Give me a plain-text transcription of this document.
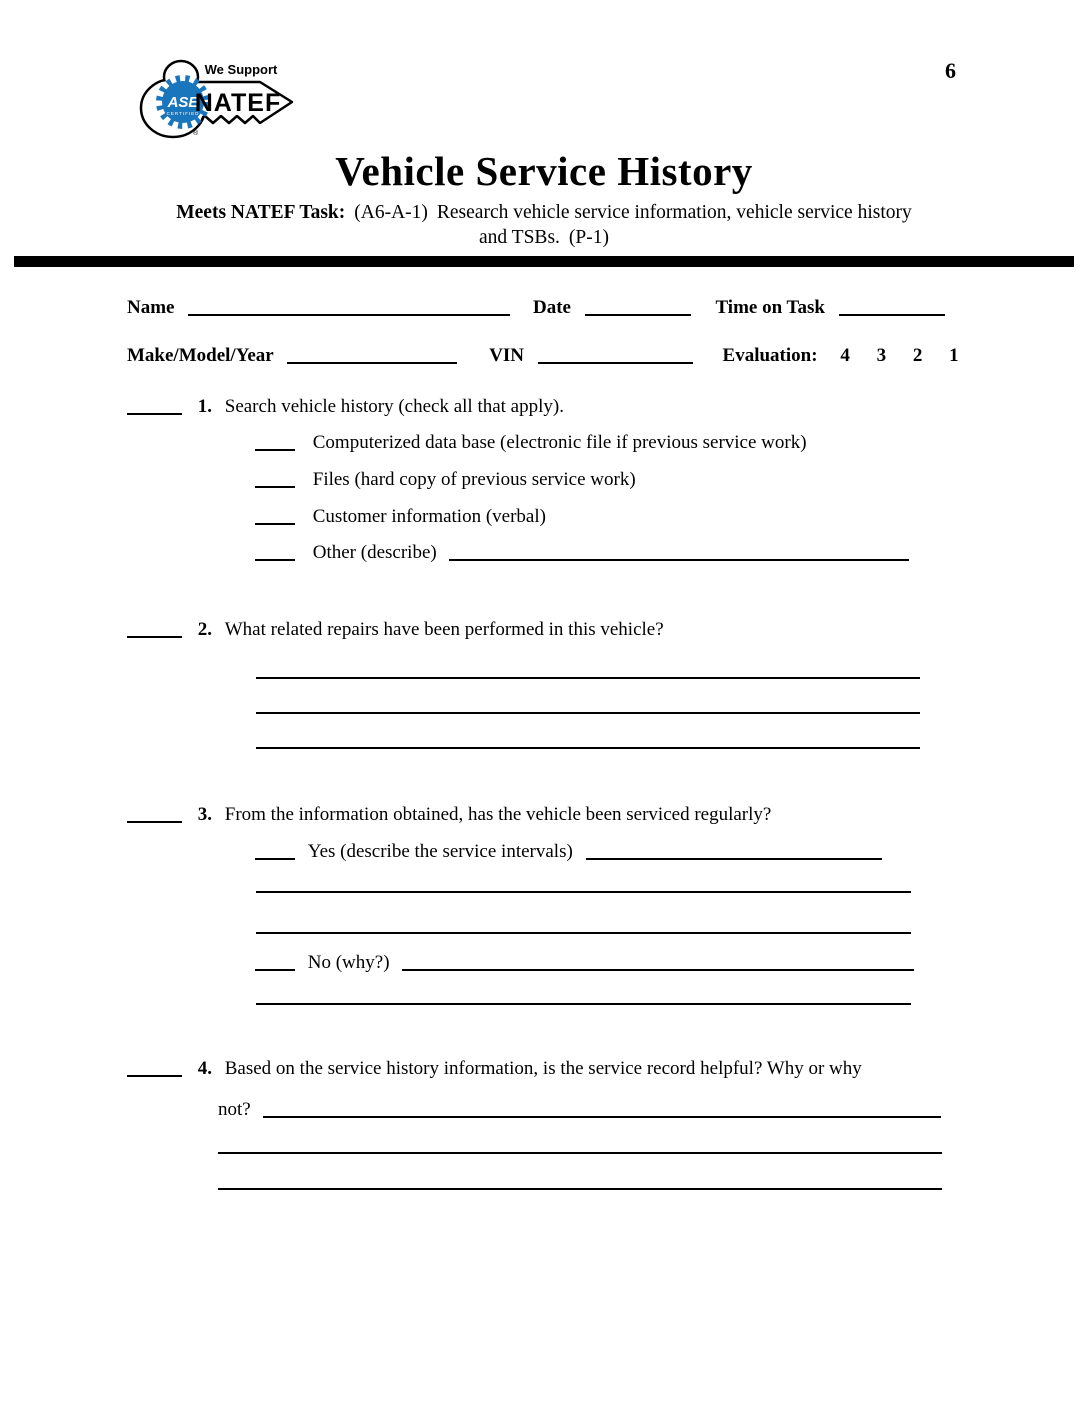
ASE
CERTIFIED
We Support
NATEF
®
6
Vehicle Service History
Meets NATEF Task: (A6-A-1) Research vehicle service information, vehicle service history
and TSBs. (P-1)
Name	Date	Time on Task
Make/Model/Year	VIN	Evaluation: 4 3 2 1
1. Search vehicle history (check all that apply).
Computerized data base (electronic file if previous service work)
Files (hard copy of previous service work)
Customer information (verbal)
Other (describe)
2. What related repairs have been performed in this vehicle?
3. From the information obtained, has the vehicle been serviced regularly?
Yes (describe the service intervals)
No (why?)
4. Based on the service history information, is the service record helpful? Why or why
not?
